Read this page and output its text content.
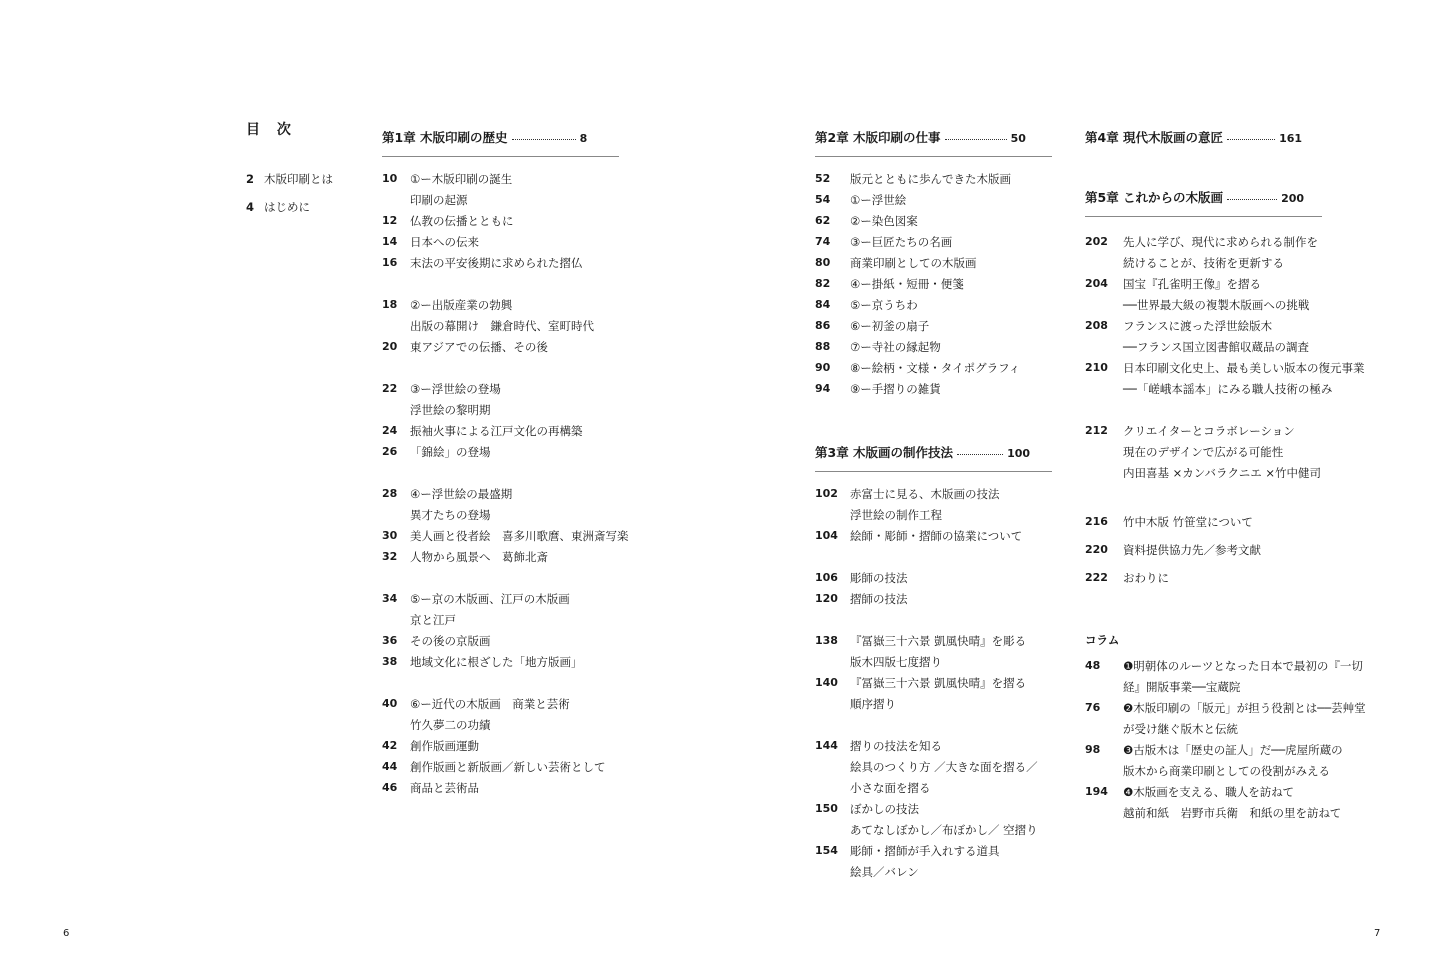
目 次
2 木版印刷とは
4 はじめに
第1章 木版印刷の歴史	8
10 ①ー木版印刷の誕生
印刷の起源
12 仏教の伝播とともに
14 日本への伝来
16 末法の平安後期に求められた摺仏
18 ②ー出版産業の勃興
出版の幕開け　鎌倉時代、室町時代
20 東アジアでの伝播、その後
22 ③ー浮世絵の登場
浮世絵の黎明期
24 振袖火事による江戸文化の再構築
26 「錦絵」の登場
28 ④ー浮世絵の最盛期
異才たちの登場
30 美人画と役者絵　喜多川歌麿、東洲斎写楽
32 人物から風景へ　葛飾北斎
34 ⑤ー京の木版画、江戸の木版画
京と江戸
36 その後の京版画
38 地域文化に根ざした「地方版画」
40 ⑥ー近代の木版画　商業と芸術
竹久夢二の功績
42 創作版画運動
44 創作版画と新版画／新しい芸術として
46 商品と芸術品
第2章 木版印刷の仕事	50
52 版元とともに歩んできた木版画
54 ①ー浮世絵
62 ②ー染色図案
74 ③ー巨匠たちの名画
80 商業印刷としての木版画
82 ④ー掛紙・短冊・便箋
84 ⑤ー京うちわ
86 ⑥ー初釜の扇子
88 ⑦ー寺社の縁起物
90 ⑧ー絵柄・文様・タイポグラフィ
94 ⑨ー手摺りの雑貨
第3章 木版画の制作技法	100
102 赤富士に見る、木版画の技法
浮世絵の制作工程
104 絵師・彫師・摺師の協業について
106 彫師の技法
120 摺師の技法
138 『冨嶽三十六景 凱風快晴』を彫る
版木四版七度摺り
140 『冨嶽三十六景 凱風快晴』を摺る
順序摺り
144 摺りの技法を知る
絵具のつくり方 ／大きな面を摺る／
小さな面を摺る
150 ぼかしの技法
あてなしぼかし／布ぼかし／ 空摺り
154 彫師・摺師が手入れする道具
絵具／バレン
第4章 現代木版画の意匠	161
第5章 これからの木版画	200
202 先人に学び、現代に求められる制作を
続けることが、技術を更新する
204 国宝『孔雀明王像』を摺る
──世界最大級の複製木版画への挑戦
208 フランスに渡った浮世絵版木
──フランス国立図書館収蔵品の調査
210 日本印刷文化史上、最も美しい版本の復元事業
──「嵯峨本謡本」にみる職人技術の極み
212 クリエイターとコラボレーション
現在のデザインで広がる可能性
内田喜基 ×カンバラクニエ ×竹中健司
216 竹中木版 竹笹堂について
220 資料提供協力先／参考文献
222 おわりに
コラム
48 ❶明朝体のルーツとなった日本で最初の『一切
経』開版事業──宝蔵院
76 ❷木版印刷の「版元」が担う役割とは──芸艸堂
が受け継ぐ版木と伝統
98 ❸古版木は「歴史の証人」だ──虎屋所蔵の
版木から商業印刷としての役割がみえる
194 ❹木版画を支える、職人を訪ねて
越前和紙　岩野市兵衛　和紙の里を訪ねて
6	7
